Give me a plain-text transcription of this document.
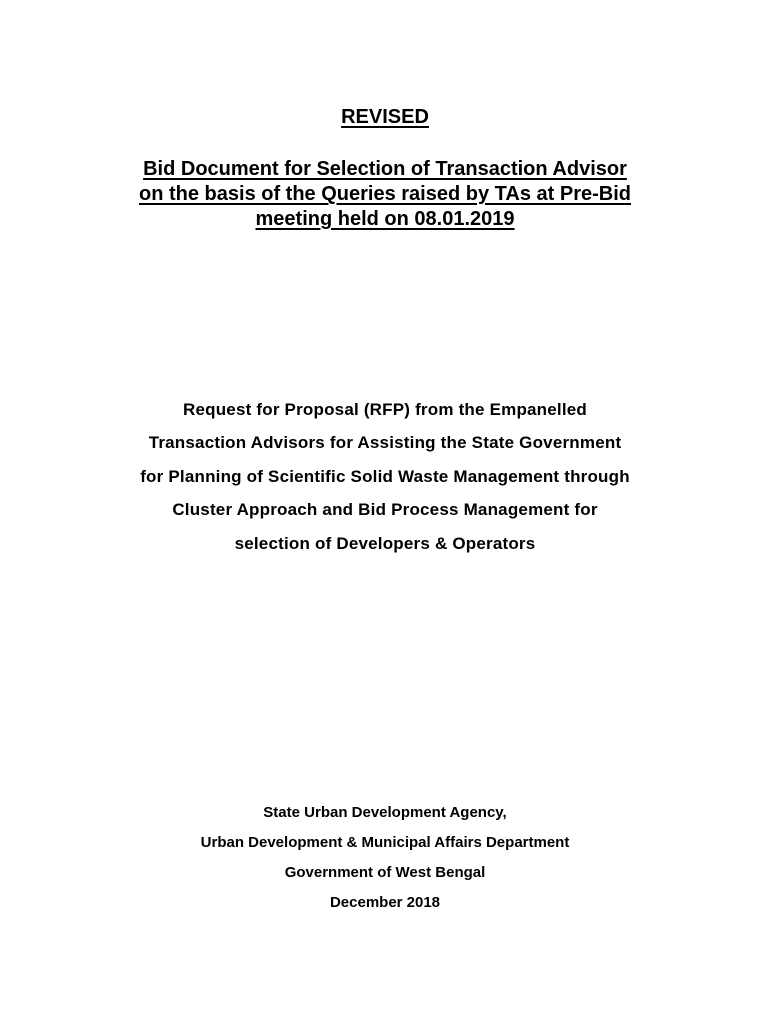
REVISED
Bid Document for Selection of Transaction Advisor
on the basis of the Queries raised by TAs at Pre-Bid
meeting held on 08.01.2019
Request for Proposal (RFP) from the Empanelled
Transaction Advisors for Assisting the State Government
for Planning of Scientific Solid Waste Management through
Cluster Approach and Bid Process Management for
selection of Developers & Operators
State Urban Development Agency,
Urban Development & Municipal Affairs Department
Government of West Bengal
December 2018
